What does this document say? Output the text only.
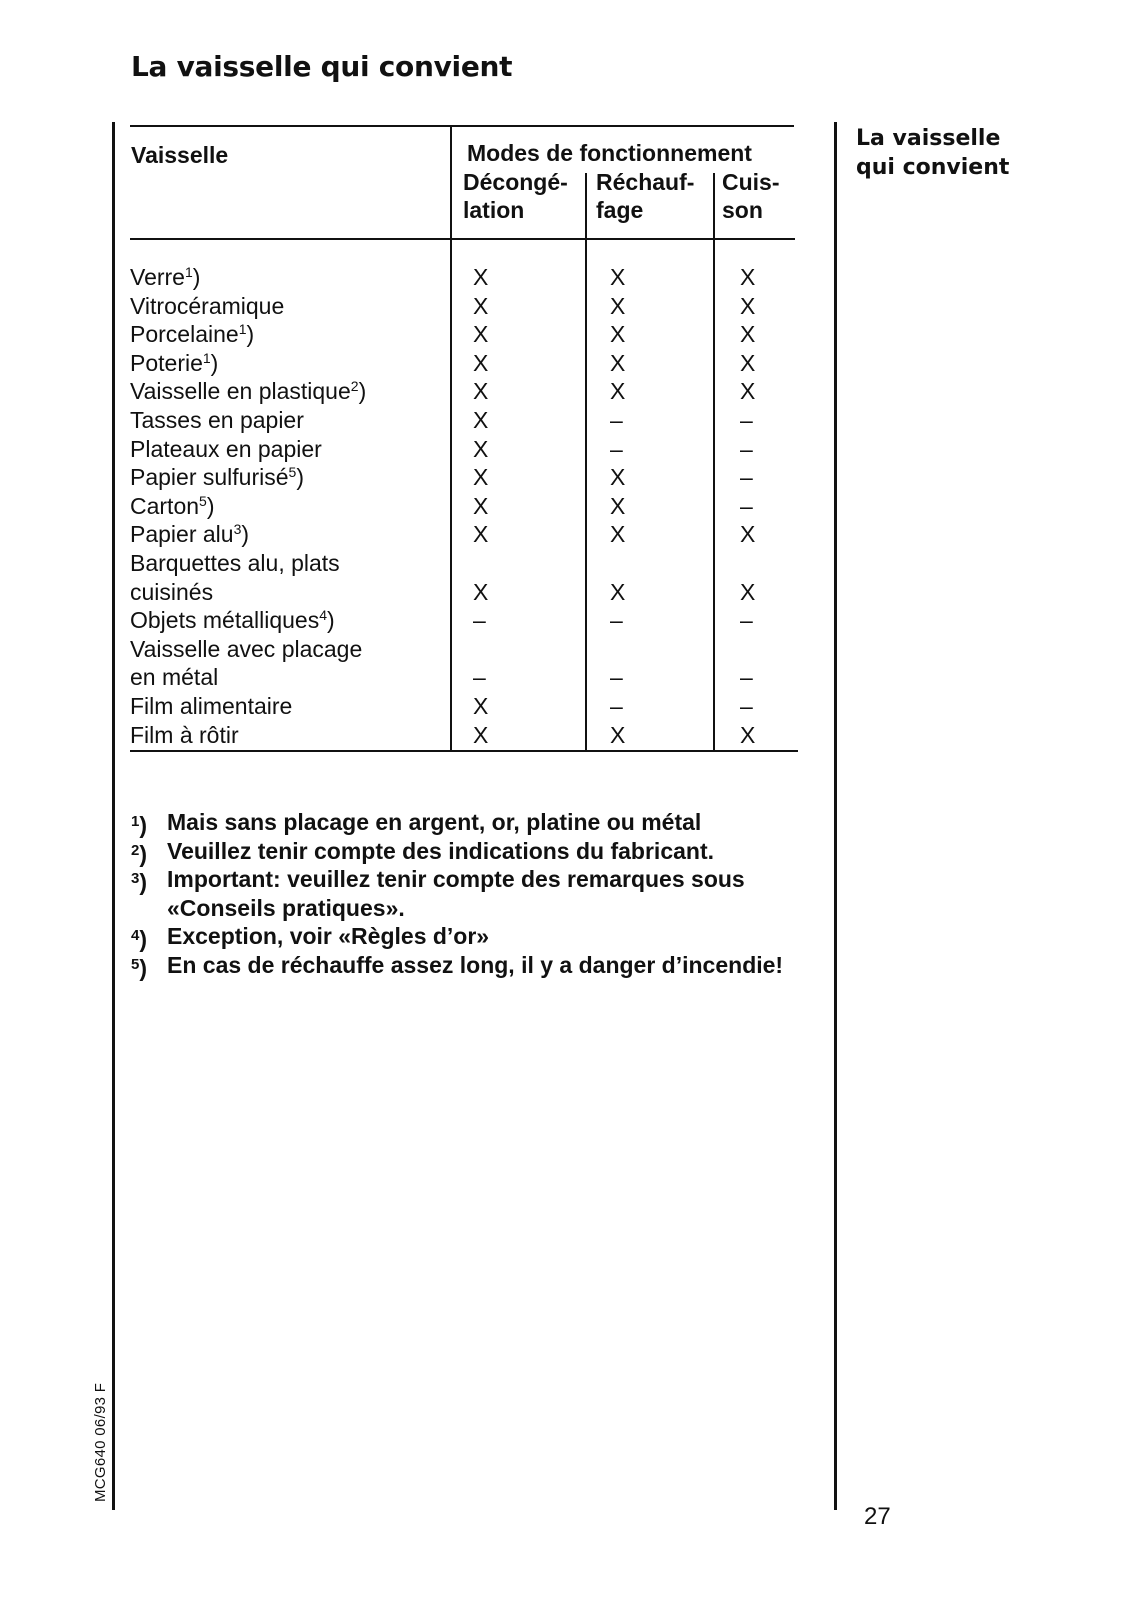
La vaisselle qui convient
La vaisselle
qui convient
Vaisselle	Modes de fonctionnement
Décongé-
lation
Réchauf-
fage
Cuis-
son
Verre$^1$)	X	X	X
Vitrocéramique	X	X	X
Porcelaine$^1$)	X	X	X
Poterie$^1$)	X	X	X
Vaisselle en plastique$^2$)	X	X	X
Tasses en papier	X	–	–
Plateaux en papier	X	–	–
Papier sulfurisé$^5$)	X	X	–
Carton$^5$)	X	X	–
Papier alu$^3$)	X	X	X
Barquettes alu, plats
cuisinés	X	X	X
Objets métalliques$^4$)	–	–	–
Vaisselle avec placage
en métal	–	–	–
Film alimentaire	X	–	–
Film à rôtir	X	X	X
$^1$) Mais sans placage en argent, or, platine ou métal
$^2$) Veuillez tenir compte des indications du fabricant.
$^3$) Important: veuillez tenir compte des remarques sous «Conseils pratiques».
$^4$) Exception, voir «Règles d’or»
$^5$) En cas de réchauffe assez long, il y a danger d’incendie!
MCG640 06/93 F
27
